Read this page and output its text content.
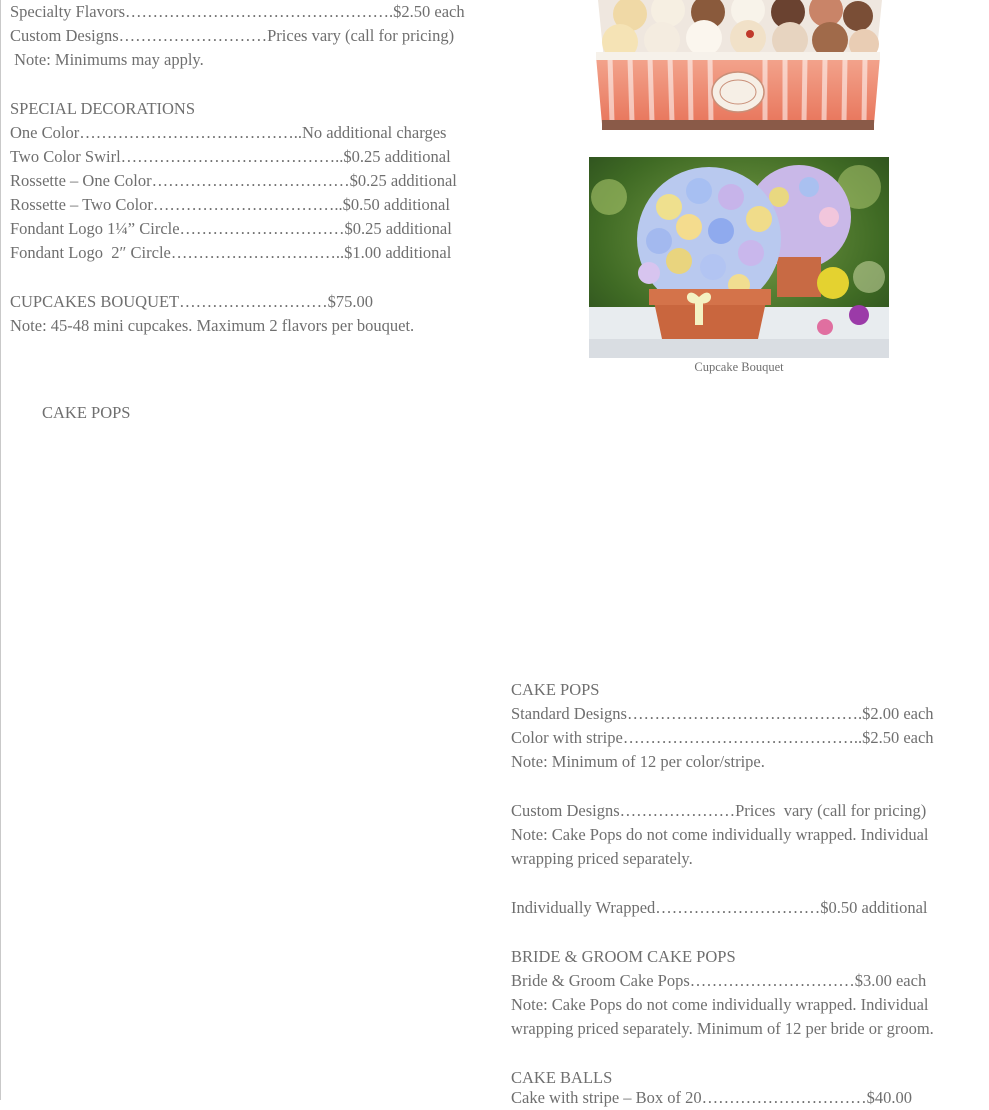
Specialty Flavors………………………………………….$2.50 each
Custom Designs………………………Prices vary (call for pricing)
Note: Minimums may apply.
SPECIAL DECORATIONS
One Color…………………………………..No additional charges
Two Color Swirl…………………………………..$0.25 additional
Rossette – One Color………………………………$0.25 additional
Rossette – Two Color……………………………..$0.50 additional
Fondant Logo 1¼” Circle…………………………$0.25 additional
Fondant Logo  2″ Circle…………………………..$1.00 additional
CUPCAKES BOUQUET………………………$75.00
Note: 45-48 mini cupcakes. Maximum 2 flavors per bouquet.
CAKE POPS
Cupcake Bouquet
CAKE POPS
Standard Designs…………………………………….$2.00 each
Color with stripe……………………………………..$2.50 each
Note: Minimum of 12 per color/stripe.
Custom Designs…………………Prices  vary (call for pricing)
Note: Cake Pops do not come individually wrapped. Individual
wrapping priced separately.
Individually Wrapped…………………………$0.50 additional
BRIDE & GROOM CAKE POPS
Bride & Groom Cake Pops…………………………$3.00 each
Note: Cake Pops do not come individually wrapped. Individual
wrapping priced separately. Minimum of 12 per bride or groom.
CAKE BALLS
Cake with stripe – Box of 20…………………………$40.00
